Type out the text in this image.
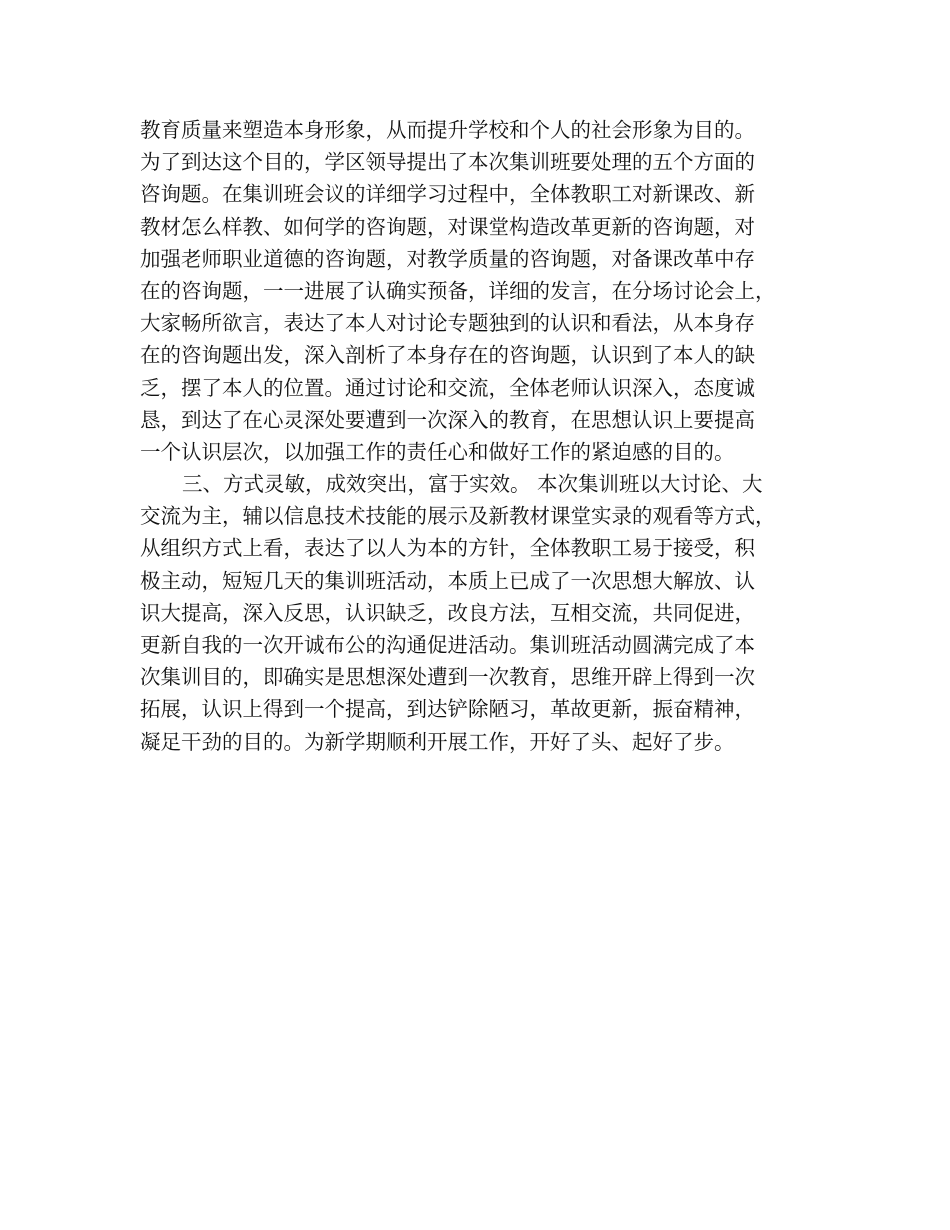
教育质量来塑造本身形象，从而提升学校和个人的社会形象为目的。
为了到达这个目的，学区领导提出了本次集训班要处理的五个方面的
咨询题。在集训班会议的详细学习过程中，全体教职工对新课改、新
教材怎么样教、如何学的咨询题，对课堂构造改革更新的咨询题，对
加强老师职业道德的咨询题，对教学质量的咨询题，对备课改革中存
在的咨询题，一一进展了认确实预备，详细的发言，在分场讨论会上，
大家畅所欲言，表达了本人对讨论专题独到的认识和看法，从本身存
在的咨询题出发，深入剖析了本身存在的咨询题，认识到了本人的缺
乏，摆了本人的位置。通过讨论和交流，全体老师认识深入，态度诚
恳，到达了在心灵深处要遭到一次深入的教育，在思想认识上要提高
一个认识层次，以加强工作的责任心和做好工作的紧迫感的目的。
三、方式灵敏，成效突出，富于实效。 本次集训班以大讨论、大
交流为主，辅以信息技术技能的展示及新教材课堂实录的观看等方式，
从组织方式上看，表达了以人为本的方针，全体教职工易于接受，积
极主动，短短几天的集训班活动，本质上已成了一次思想大解放、认
识大提高，深入反思，认识缺乏，改良方法，互相交流，共同促进，
更新自我的一次开诚布公的沟通促进活动。集训班活动圆满完成了本
次集训目的，即确实是思想深处遭到一次教育，思维开辟上得到一次
拓展，认识上得到一个提高，到达铲除陋习，革故更新，振奋精神，
凝足干劲的目的。为新学期顺利开展工作，开好了头、起好了步。
